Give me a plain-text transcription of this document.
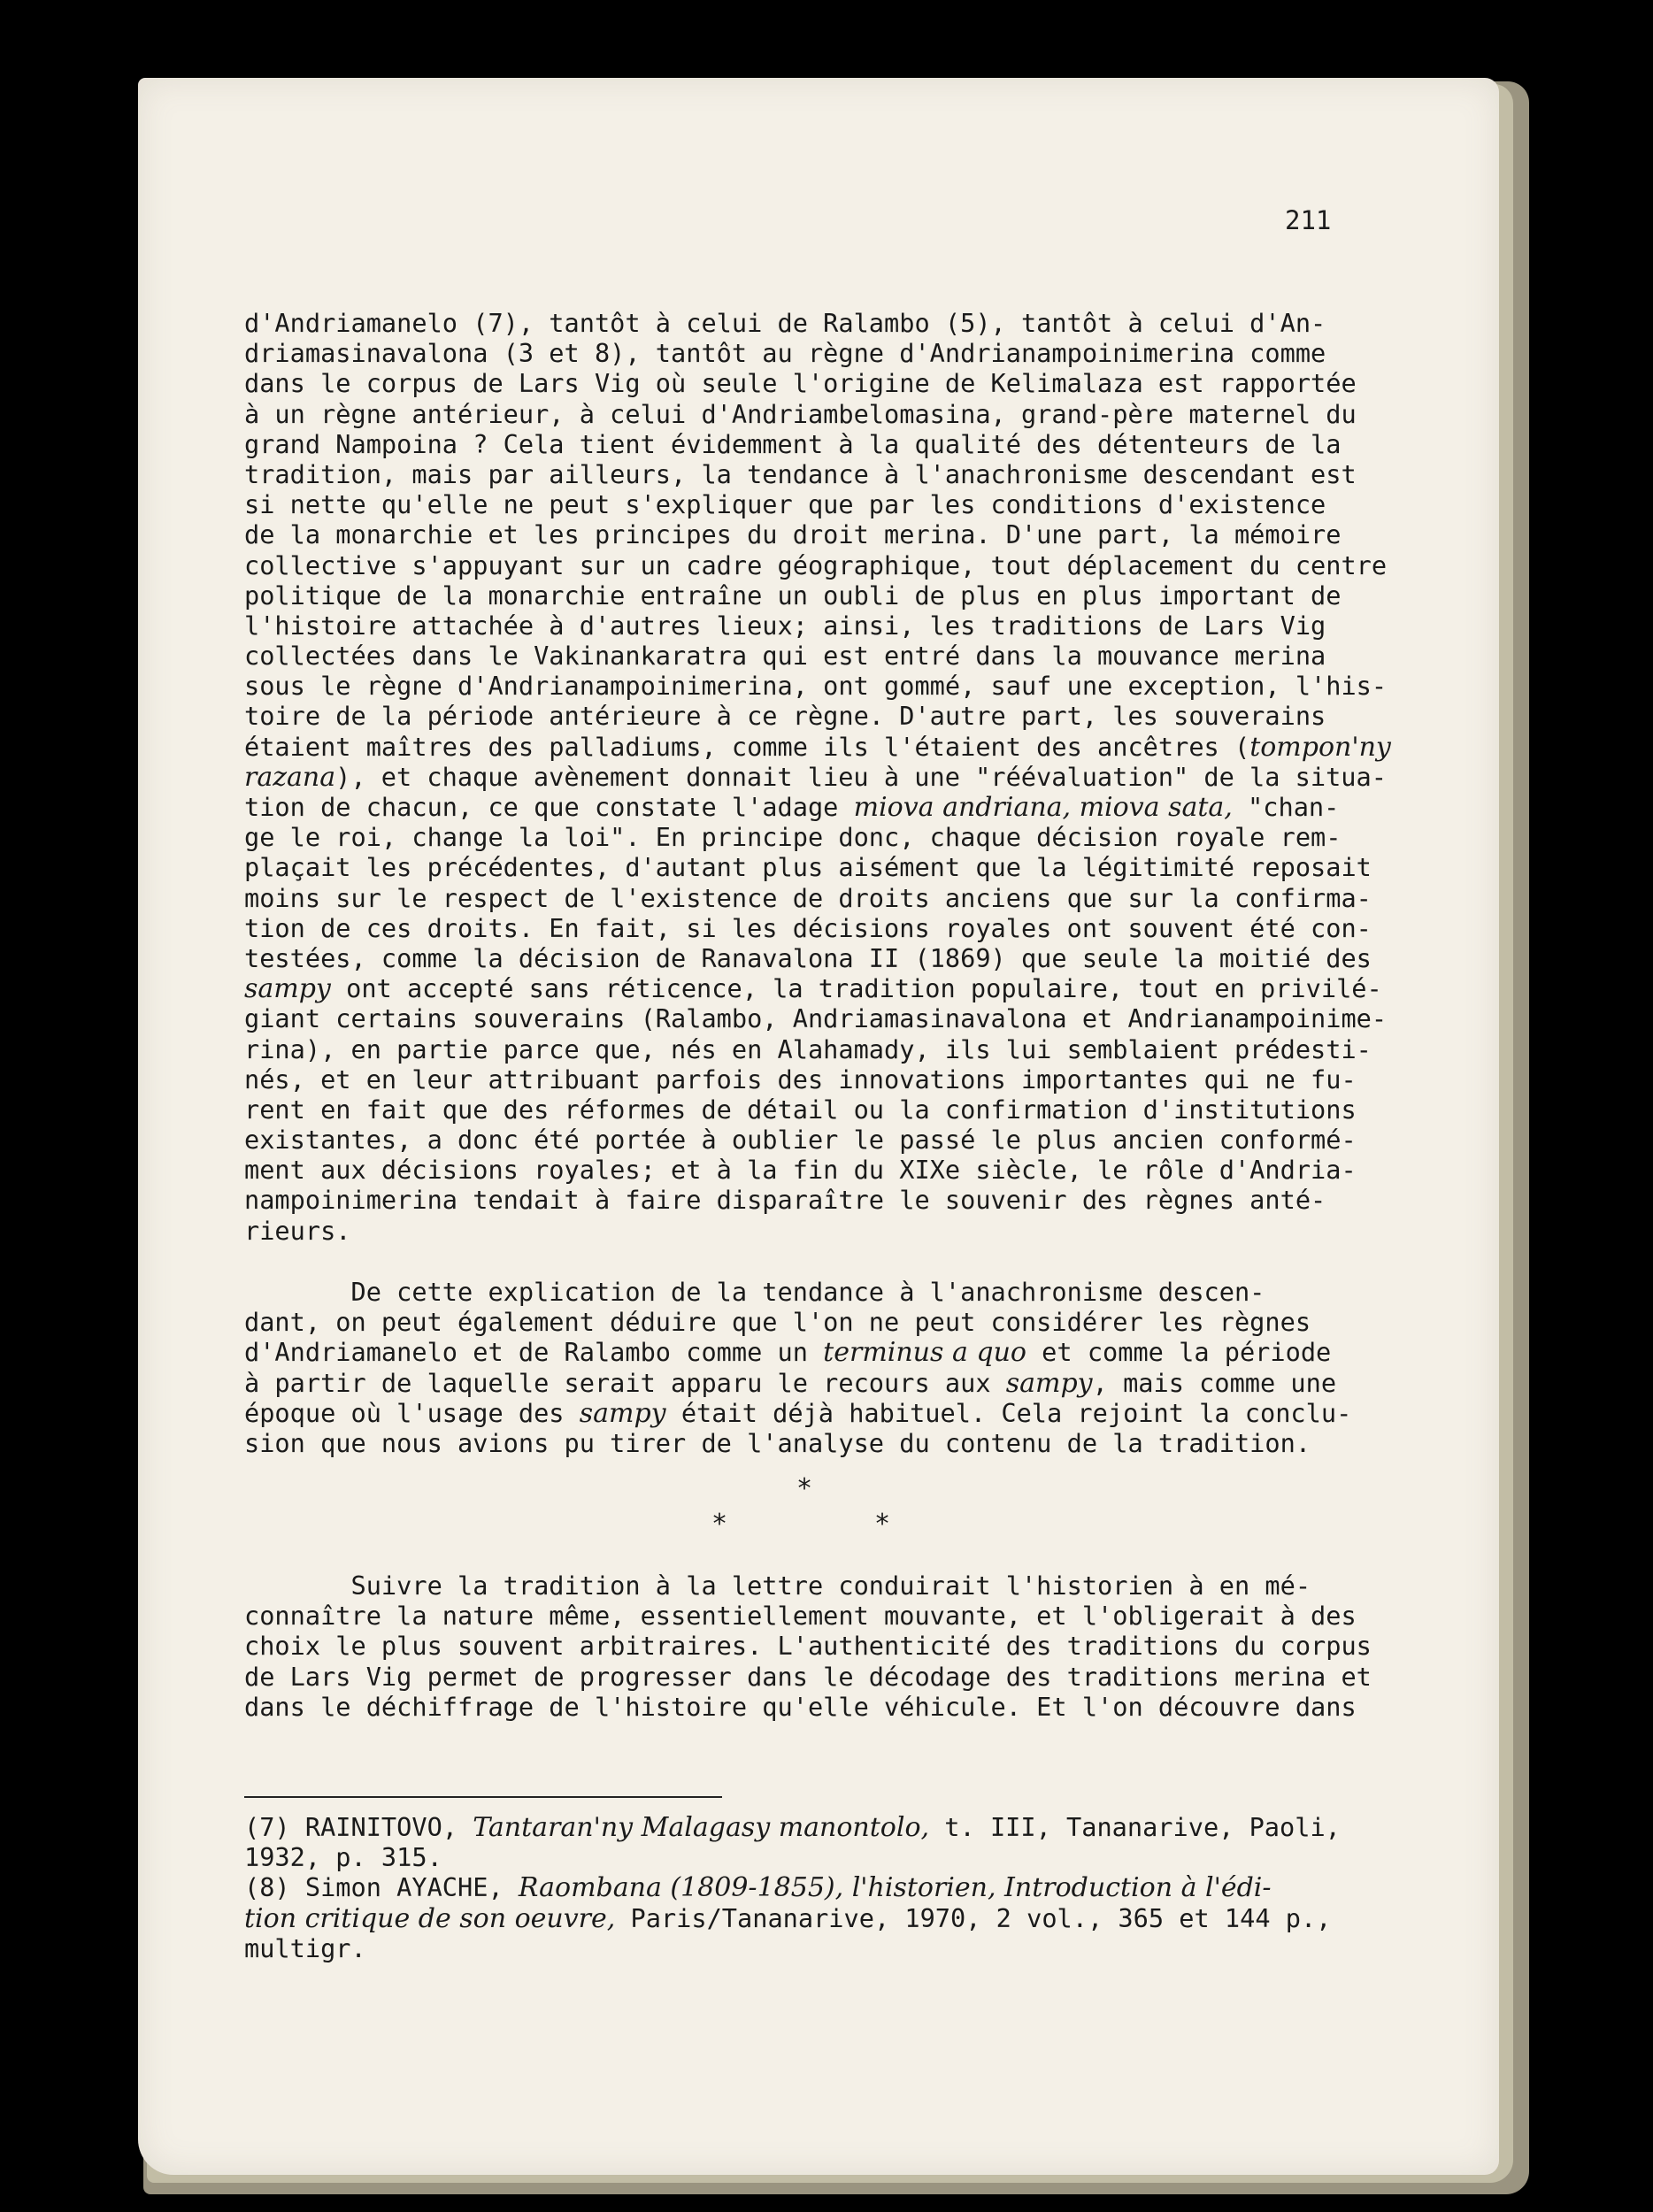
211
d'Andriamanelo (7), tantôt à celui de Ralambo (5), tantôt à celui d'An-
driamasinavalona (3 et 8), tantôt au règne d'Andrianampoinimerina comme
dans le corpus de Lars Vig où seule l'origine de Kelimalaza est rapportée
à un règne antérieur, à celui d'Andriambelomasina, grand-père maternel du
grand Nampoina ? Cela tient évidemment à la qualité des détenteurs de la
tradition, mais par ailleurs, la tendance à l'anachronisme descendant est
si nette qu'elle ne peut s'expliquer que par les conditions d'existence
de la monarchie et les principes du droit merina. D'une part, la mémoire
collective s'appuyant sur un cadre géographique, tout déplacement du centre
politique de la monarchie entraîne un oubli de plus en plus important de
l'histoire attachée à d'autres lieux; ainsi, les traditions de Lars Vig
collectées dans le Vakinankaratra qui est entré dans la mouvance merina
sous le règne d'Andrianampoinimerina, ont gommé, sauf une exception, l'his-
toire de la période antérieure à ce règne. D'autre part, les souverains
étaient maîtres des palladiums, comme ils l'étaient des ancêtres (tompon'ny
razana), et chaque avènement donnait lieu à une "réévaluation" de la situa-
tion de chacun, ce que constate l'adage miova andriana, miova sata, "chan-
ge le roi, change la loi". En principe donc, chaque décision royale rem-
plaçait les précédentes, d'autant plus aisément que la légitimité reposait
moins sur le respect de l'existence de droits anciens que sur la confirma-
tion de ces droits. En fait, si les décisions royales ont souvent été con-
testées, comme la décision de Ranavalona II (1869) que seule la moitié des
sampy ont accepté sans réticence, la tradition populaire, tout en privilé-
giant certains souverains (Ralambo, Andriamasinavalona et Andrianampoinime-
rina), en partie parce que, nés en Alahamady, ils lui semblaient prédesti-
nés, et en leur attribuant parfois des innovations importantes qui ne fu-
rent en fait que des réformes de détail ou la confirmation d'institutions
existantes, a donc été portée à oublier le passé le plus ancien conformé-
ment aux décisions royales; et à la fin du XIXe siècle, le rôle d'Andria-
nampoinimerina tendait à faire disparaître le souvenir des règnes anté-
rieurs.
De cette explication de la tendance à l'anachronisme descen-
dant, on peut également déduire que l'on ne peut considérer les règnes
d'Andriamanelo et de Ralambo comme un terminus a quo et comme la période
à partir de laquelle serait apparu le recours aux sampy, mais comme une
époque où l'usage des sampy était déjà habituel. Cela rejoint la conclu-
sion que nous avions pu tirer de l'analyse du contenu de la tradition.
*
*	*
Suivre la tradition à la lettre conduirait l'historien à en mé-
connaître la nature même, essentiellement mouvante, et l'obligerait à des
choix le plus souvent arbitraires. L'authenticité des traditions du corpus
de Lars Vig permet de progresser dans le décodage des traditions merina et
dans le déchiffrage de l'histoire qu'elle véhicule. Et l'on découvre dans
(7) RAINITOVO, Tantaran'ny Malagasy manontolo, t. III, Tananarive, Paoli,
1932, p. 315.
(8) Simon AYACHE, Raombana (1809-1855), l'historien, Introduction à l'édi-
tion critique de son oeuvre, Paris/Tananarive, 1970, 2 vol., 365 et 144 p.,
multigr.
